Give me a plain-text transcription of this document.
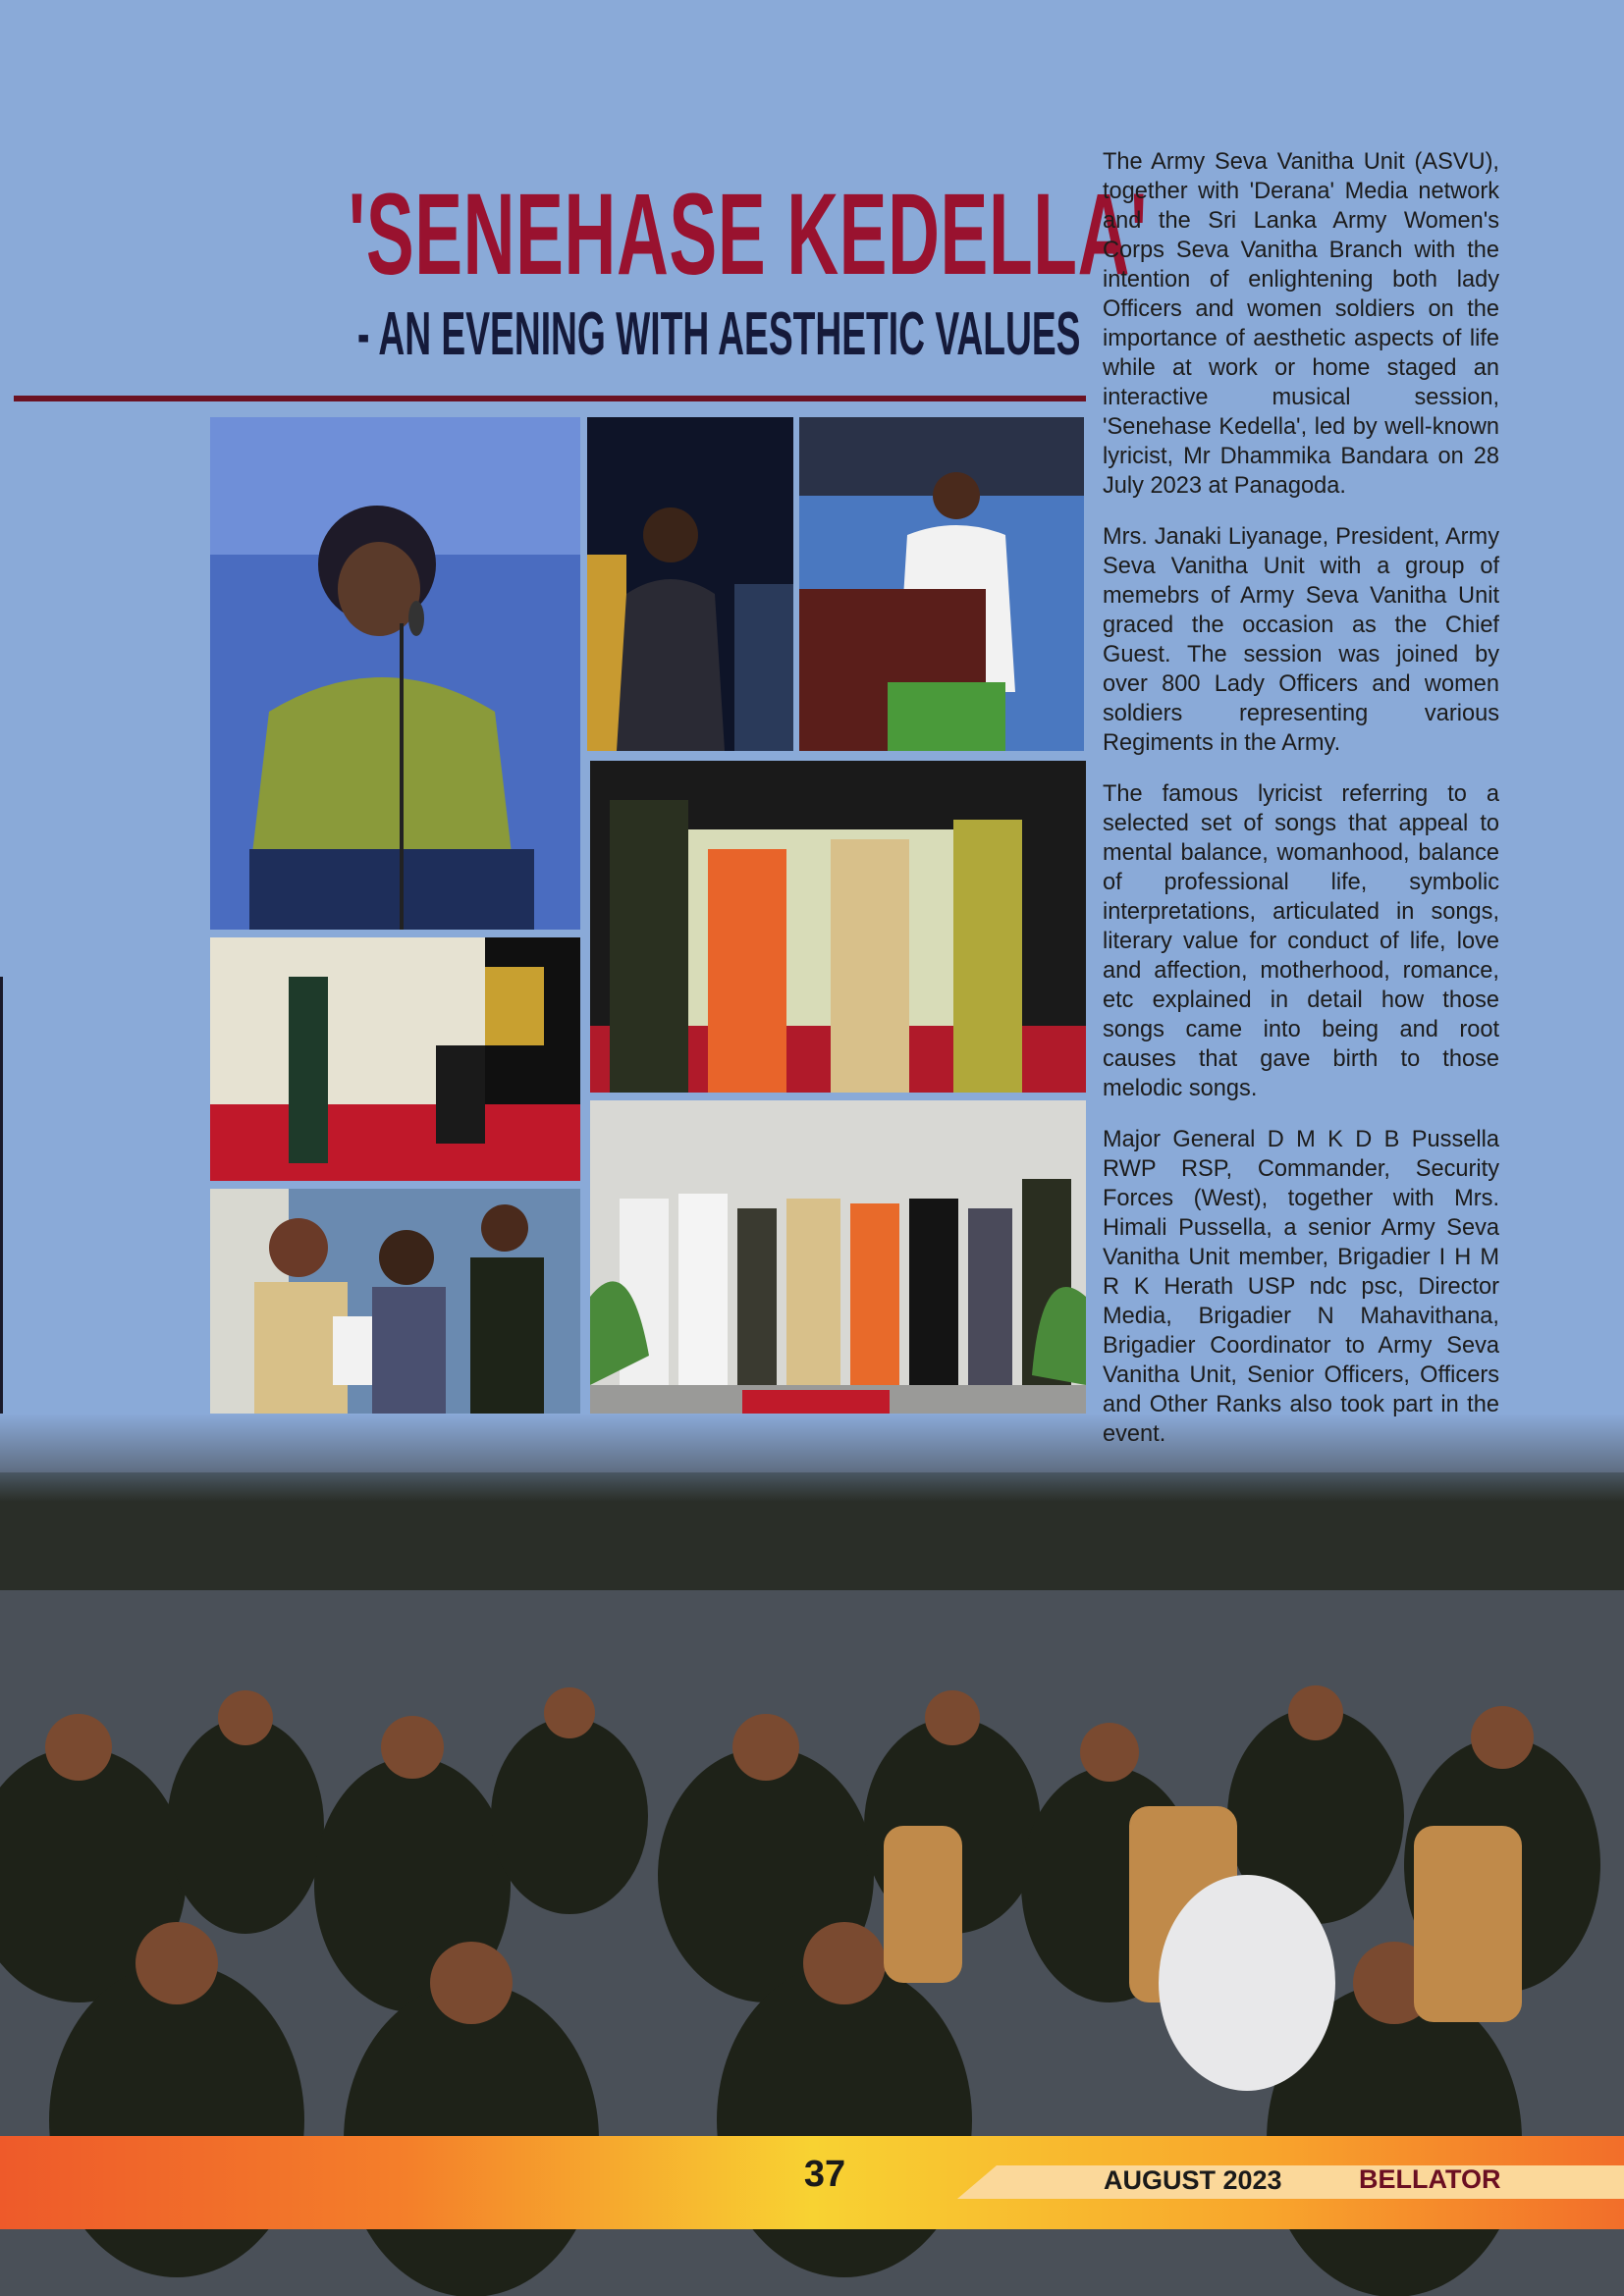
'SENEHASE KEDELLA'
- AN EVENING WITH AESTHETIC VALUES

The Army Seva Vanitha Unit (ASVU), together with 'Derana' Media network and the Sri Lanka Army Women's Corps Seva Vanitha Branch with the intention of enlightening both lady Officers and women soldiers on the importance of aesthetic aspects of life while at work or home staged an interactive musical session, 'Senehase Kedella', led by well-known lyricist, Mr Dhammika Bandara on 28 July 2023 at Panagoda.

Mrs. Janaki Liyanage, President, Army Seva Vanitha Unit with a group of memebrs of Army Seva Vanitha Unit graced the occasion as the Chief Guest. The session was joined by over 800 Lady Officers and women soldiers representing various Regiments in the Army.

The famous lyricist referring to a selected set of songs that appeal to mental balance, womanhood, balance of professional life, symbolic interpretations, articulated in songs, literary value for conduct of life, love and affection, motherhood, romance, etc explained in detail how those songs came into being and root causes that gave birth to those melodic songs.

Major General D M K D B Pussella RWP RSP, Commander, Security Forces (West), together with Mrs. Himali Pussella, a senior Army Seva Vanitha Unit member, Brigadier I H M R K Herath USP ndc psc, Director Media, Brigadier N Mahavithana, Brigadier Coordinator to Army Seva Vanitha Unit, Senior Officers, Officers and Other Ranks also took part in the event.

37	AUGUST 2023	BELLATOR
